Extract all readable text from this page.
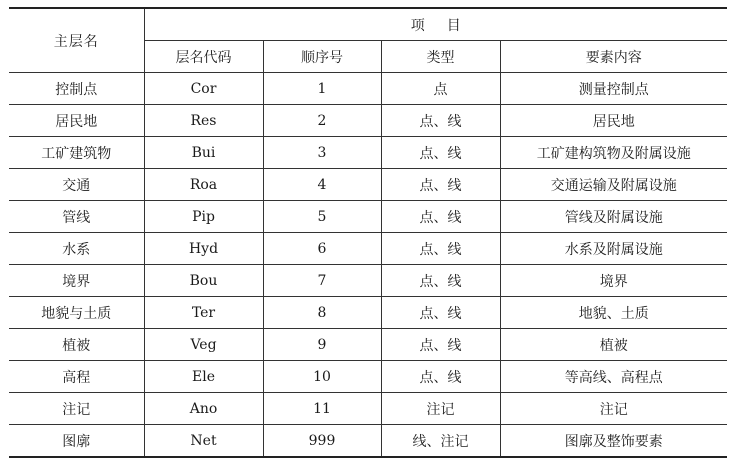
主层名	项目			
	层名代码	顺序号	类型	要素内容
控制点	Cor	1	点	测量控制点
居民地	Res	2	点、线	居民地
工矿建筑物	Bui	3	点、线	工矿建构筑物及附属设施
交通	Roa	4	点、线	交通运输及附属设施
管线	Pip	5	点、线	管线及附属设施
水系	Hyd	6	点、线	水系及附属设施
境界	Bou	7	点、线	境界
地貌与土质	Ter	8	点、线	地貌、土质
植被	Veg	9	点、线	植被
高程	Ele	10	点、线	等高线、高程点
注记	Ano	11	注记	注记
图廓	Net	999	线、注记	图廓及整饰要素
